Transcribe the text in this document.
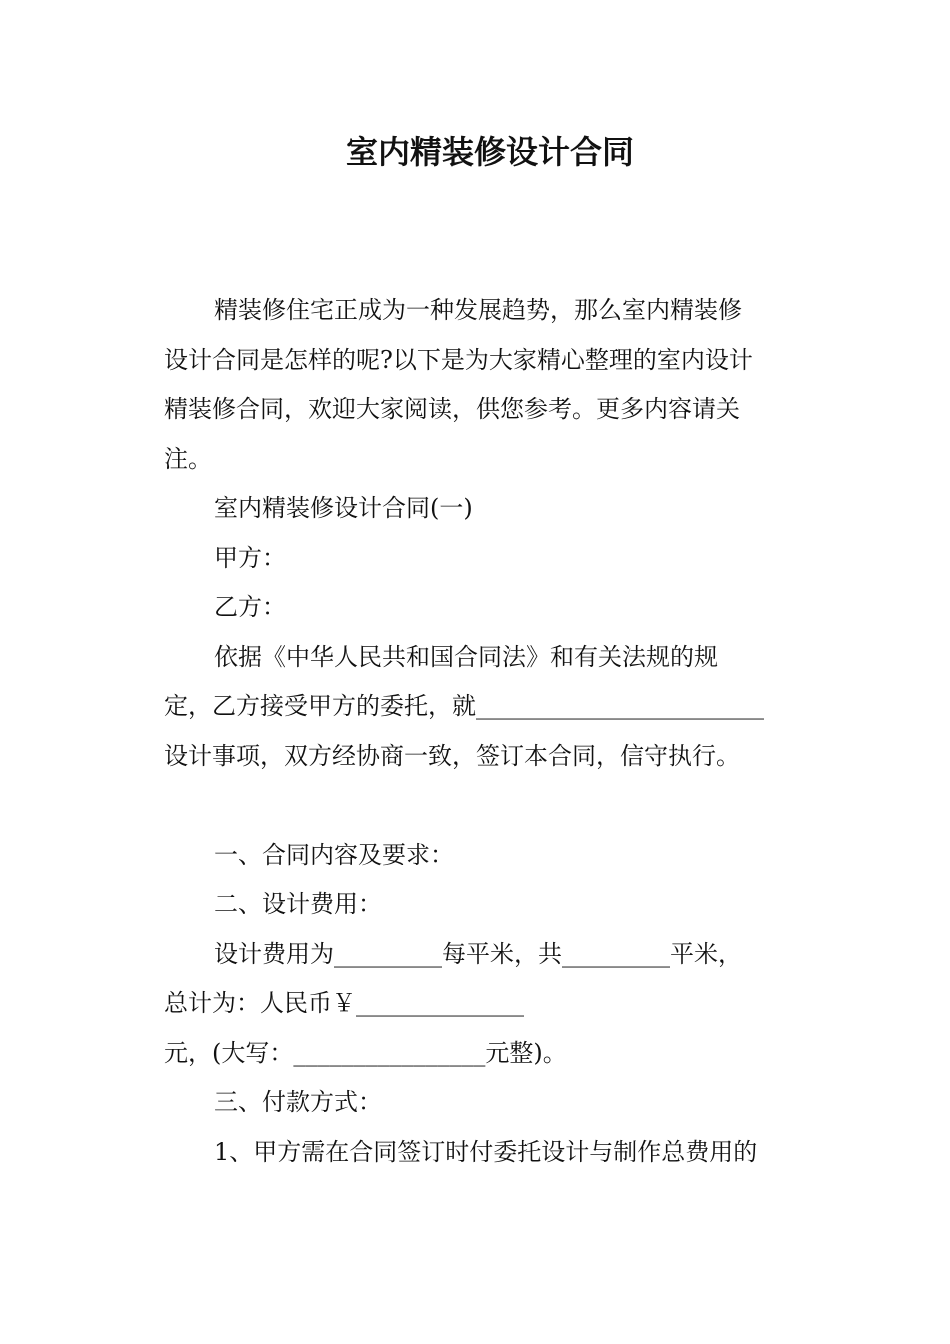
室内精装修设计合同
精装修住宅正成为一种发展趋势，那么室内精装修
设计合同是怎样的呢?以下是为大家精心整理的室内设计
精装修合同，欢迎大家阅读，供您参考。更多内容请关
注。
室内精装修设计合同(一)
甲方：
乙方：
依据《中华人民共和国合同法》和有关法规的规
定，乙方接受甲方的委托，就________________________
设计事项，双方经协商一致，签订本合同，信守执行。
一、合同内容及要求：
二、设计费用：
设计费用为_________每平米，共_________平米，
总计为：人民币￥______________
元，(大写：________________元整)。
三、付款方式：
1、甲方需在合同签订时付委托设计与制作总费用的
